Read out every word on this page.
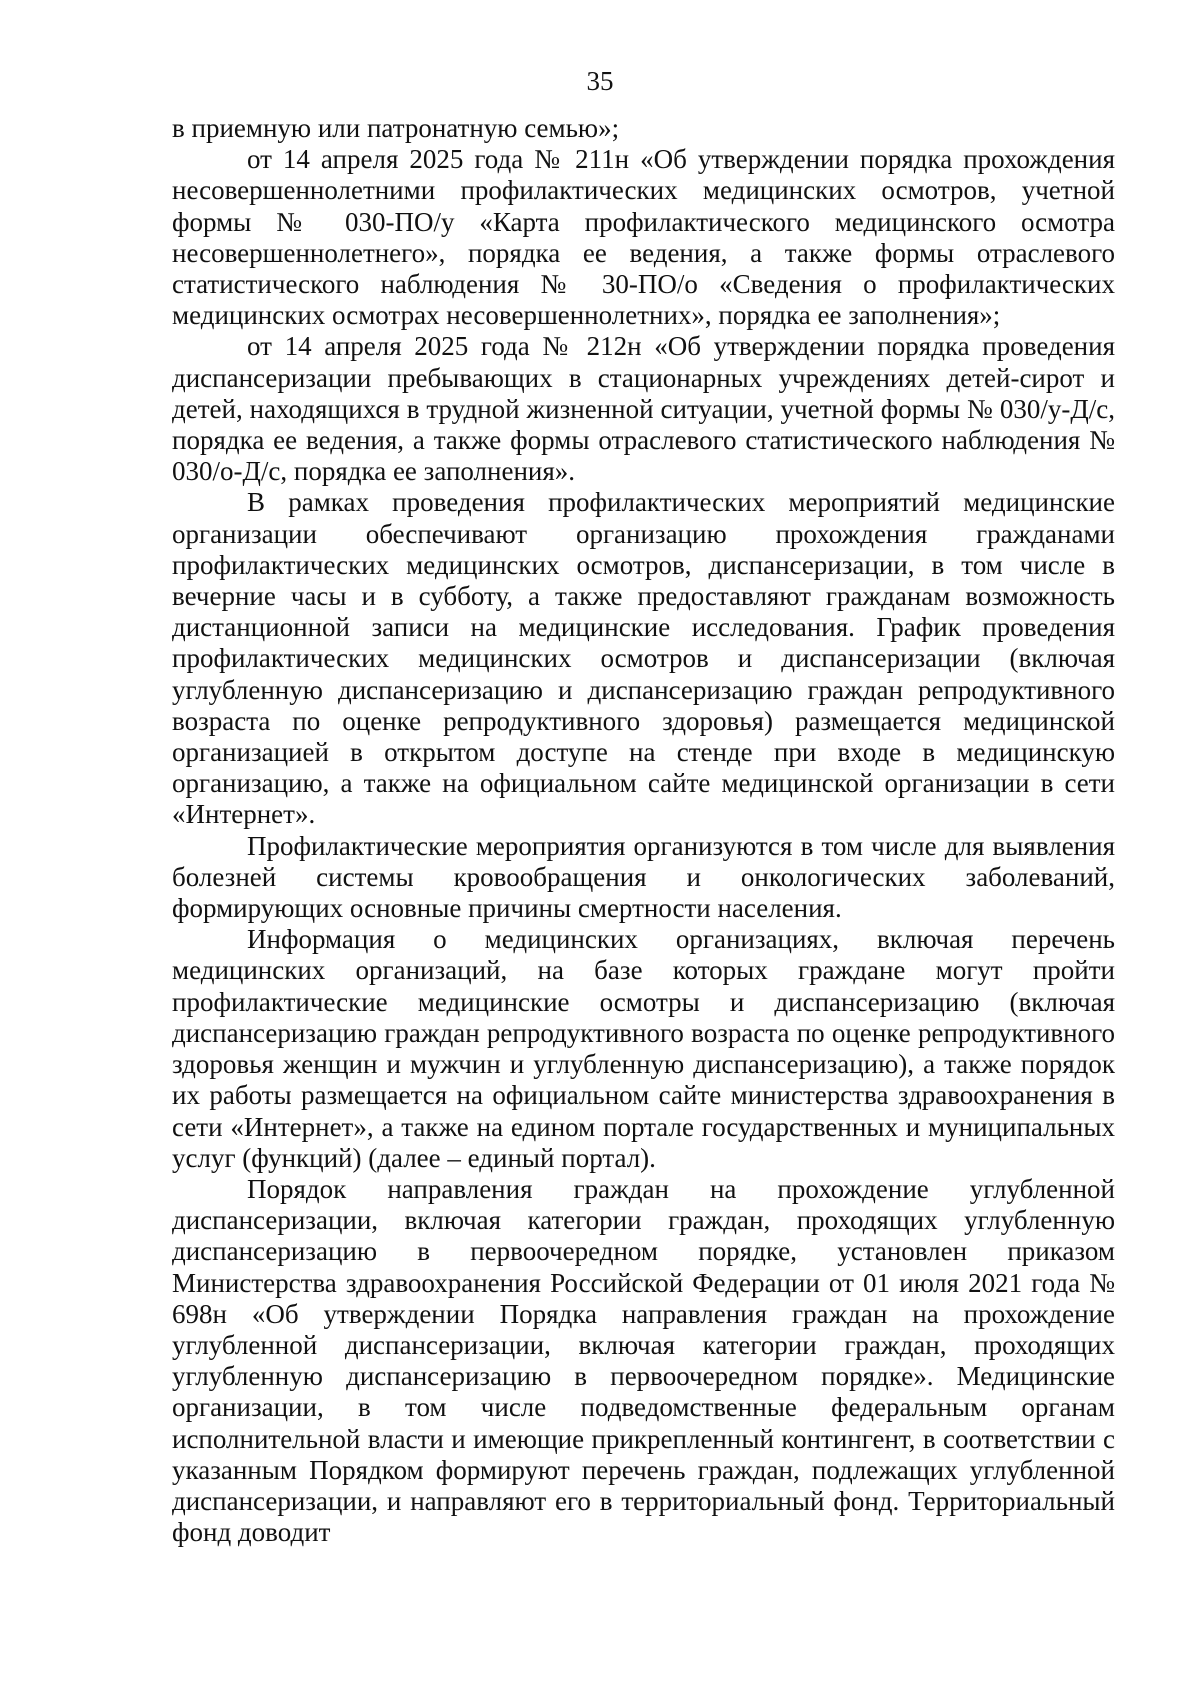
35

в приемную или патронатную семью»;

от 14 апреля 2025 года № 211н «Об утверждении порядка прохождения несовершеннолетними профилактических медицинских осмотров, учетной формы № 030-ПО/у «Карта профилактического медицинского осмотра несовершеннолетнего», порядка ее ведения, а также формы отраслевого статистического наблюдения № 30-ПО/о «Сведения о профилактических медицинских осмотрах несовершеннолетних», порядка ее заполнения»;

от 14 апреля 2025 года № 212н «Об утверждении порядка проведения диспансеризации пребывающих в стационарных учреждениях детей-сирот и детей, находящихся в трудной жизненной ситуации, учетной формы № 030/у-Д/с, порядка ее ведения, а также формы отраслевого статистического наблюдения № 030/о-Д/с, порядка ее заполнения».

В рамках проведения профилактических мероприятий медицинские организации обеспечивают организацию прохождения гражданами профилактических медицинских осмотров, диспансеризации, в том числе в вечерние часы и в субботу, а также предоставляют гражданам возможность дистанционной записи на медицинские исследования. График проведения профилактических медицинских осмотров и диспансеризации (включая углубленную диспансеризацию и диспансеризацию граждан репродуктивного возраста по оценке репродуктивного здоровья) размещается медицинской организацией в открытом доступе на стенде при входе в медицинскую организацию, а также на официальном сайте медицинской организации в сети «Интернет».

Профилактические мероприятия организуются в том числе для выявления болезней системы кровообращения и онкологических заболеваний, формирующих основные причины смертности населения.

Информация о медицинских организациях, включая перечень медицинских организаций, на базе которых граждане могут пройти профилактические медицинские осмотры и диспансеризацию (включая диспансеризацию граждан репродуктивного возраста по оценке репродуктивного здоровья женщин и мужчин и углубленную диспансеризацию), а также порядок их работы размещается на официальном сайте министерства здравоохранения в сети «Интернет», а также на едином портале государственных и муниципальных услуг (функций) (далее – единый портал).

Порядок направления граждан на прохождение углубленной диспансеризации, включая категории граждан, проходящих углубленную диспансеризацию в первоочередном порядке, установлен приказом Министерства здравоохранения Российской Федерации от 01 июля 2021 года № 698н «Об утверждении Порядка направления граждан на прохождение углубленной диспансеризации, включая категории граждан, проходящих углубленную диспансеризацию в первоочередном порядке». Медицинские организации, в том числе подведомственные федеральным органам исполнительной власти и имеющие прикрепленный контингент, в соответствии с указанным Порядком формируют перечень граждан, подлежащих углубленной диспансеризации, и направляют его в территориальный фонд. Территориальный фонд доводит
